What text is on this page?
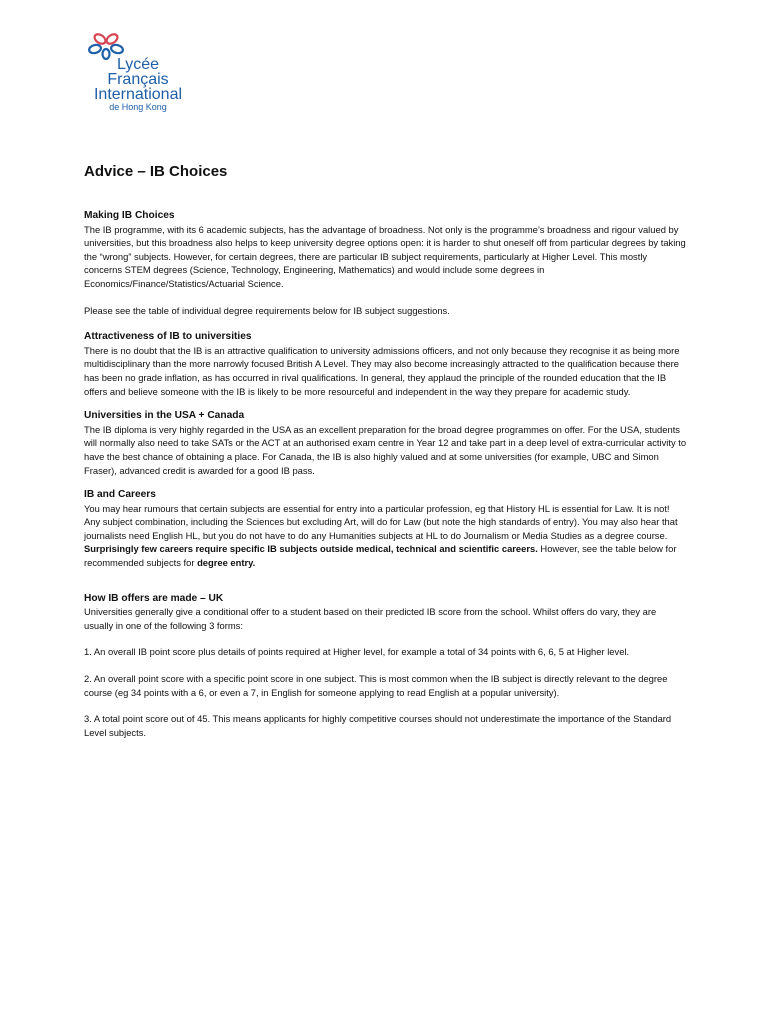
Lycée
Français
International
de Hong Kong
Advice – IB Choices
Making IB Choices

The IB programme, with its 6 academic subjects, has the advantage of broadness. Not only is the programme’s broadness and rigour valued by universities, but this broadness also helps to keep university degree options open: it is harder to shut oneself off from particular degrees by taking the “wrong” subjects. However, for certain degrees, there are particular IB subject requirements, particularly at Higher Level. This mostly concerns STEM degrees (Science, Technology, Engineering, Mathematics) and would include some degrees in Economics/Finance/Statistics/Actuarial Science.

Please see the table of individual degree requirements below for IB subject suggestions.

Attractiveness of IB to universities

There is no doubt that the IB is an attractive qualification to university admissions officers, and not only because they recognise it as being more multidisciplinary than the more narrowly focused British A Level. They may also become increasingly attracted to the qualification because there has been no grade inflation, as has occurred in rival qualifications. In general, they applaud the principle of the rounded education that the IB offers and believe someone with the IB is likely to be more resourceful and independent in the way they prepare for academic study.

Universities in the USA + Canada

The IB diploma is very highly regarded in the USA as an excellent preparation for the broad degree programmes on offer. For the USA, students will normally also need to take SATs or the ACT at an authorised exam centre in Year 12 and take part in a deep level of extra-curricular activity to have the best chance of obtaining a place. For Canada, the IB is also highly valued and at some universities (for example, UBC and Simon Fraser), advanced credit is awarded for a good IB pass.

IB and Careers

You may hear rumours that certain subjects are essential for entry into a particular profession, eg that History HL is essential for Law. It is not! Any subject combination, including the Sciences but excluding Art, will do for Law (but note the high standards of entry). You may also hear that journalists need English HL, but you do not have to do any Humanities subjects at HL to do Journalism or Media Studies as a degree course. Surprisingly few careers require specific IB subjects outside medical, technical and scientific careers. However, see the table below for recommended subjects for degree entry.

How IB offers are made – UK

Universities generally give a conditional offer to a student based on their predicted IB score from the school. Whilst offers do vary, they are usually in one of the following 3 forms:

1. An overall IB point score plus details of points required at Higher level, for example a total of 34 points with 6, 6, 5 at Higher level.

2. An overall point score with a specific point score in one subject. This is most common when the IB subject is directly relevant to the degree course (eg 34 points with a 6, or even a 7, in English for someone applying to read English at a popular university).

3. A total point score out of 45. This means applicants for highly competitive courses should not underestimate the importance of the Standard Level subjects.
